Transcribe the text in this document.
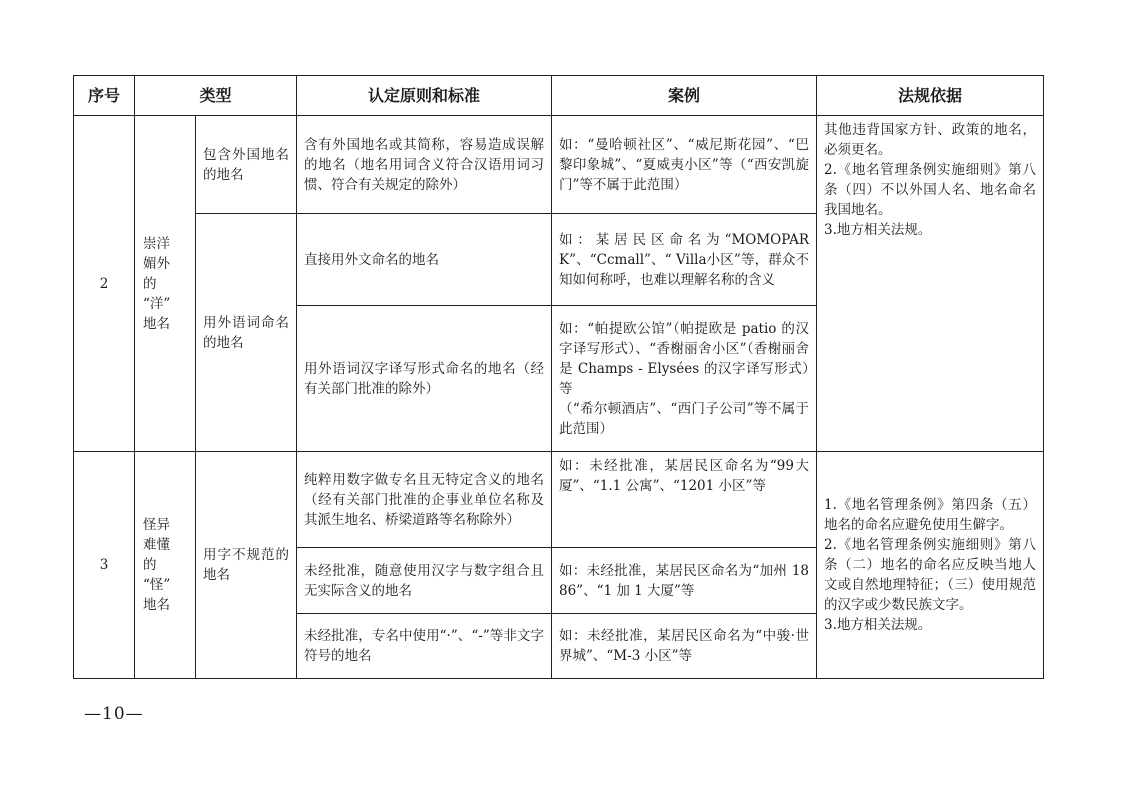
序号	类型		认定原则和标准	案例	法规依据
2	崇洋
媚外
的
“洋”
地名	包含外国地名的地名	含有外国地名或其简称，容易造成误解的地名（地名用词含义符合汉语用词习惯、符合有关规定的除外）	如：“曼哈顿社区”、“威尼斯花园”、“巴黎印象城”、“夏威夷小区”等（“西安凯旋门”等不属于此范围）	其他违背国家方针、政策的地名，必须更名。
2.《地名管理条例实施细则》第八条（四）不以外国人名、地名命名我国地名。
3.地方相关法规。
		用外语词命名的地名	直接用外文命名的地名	如：某居民区命名为“MOMOPARK”、“Ccmall”、“ Villa小区”等，群众不知如何称呼，也难以理解名称的含义	
			用外语词汉字译写形式命名的地名（经有关部门批准的除外）	如：“帕提欧公馆”（帕提欧是 patio 的汉字译写形式）、“香榭丽舍小区”（香榭丽舍是 Champs - Elysées 的汉字译写形式）等
（“希尔顿酒店”、“西门子公司”等不属于此范围）	
3	怪异
难懂
的
“怪”
地名	用字不规范的地名	纯粹用数字做专名且无特定含义的地名（经有关部门批准的企事业单位名称及其派生地名、桥梁道路等名称除外）	如：未经批准，某居民区命名为“99大厦”、“1.1 公寓”、“1201 小区”等	1.《地名管理条例》第四条（五）地名的命名应避免使用生僻字。
2.《地名管理条例实施细则》第八条（二）地名的命名应反映当地人文或自然地理特征；（三）使用规范的汉字或少数民族文字。
3.地方相关法规。
			未经批准，随意使用汉字与数字组合且无实际含义的地名	如：未经批准，某居民区命名为“加州 1886”、“1 加 1 大厦”等	
			未经批准，专名中使用“·”、“-”等非文字符号的地名	如：未经批准，某居民区命名为“中骏·世界城”、“M-3 小区”等	
—10—
